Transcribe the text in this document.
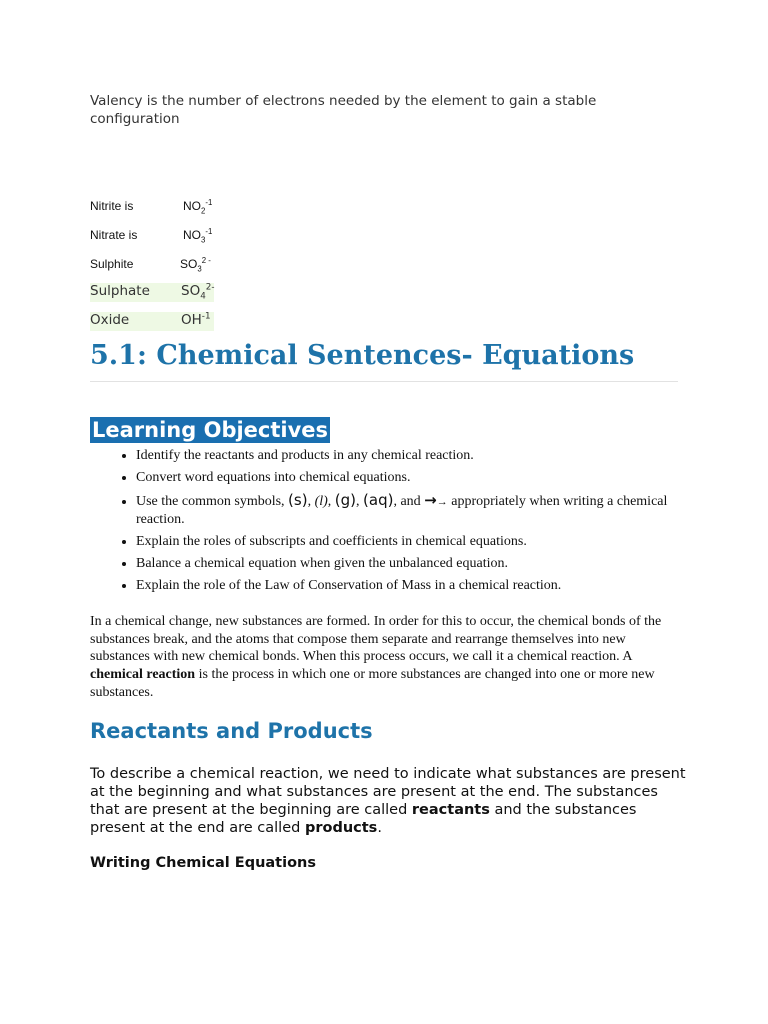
Valency is the number of electrons needed by the element to gain a stable configuration
Nitrite is	$NO_2^{-1}$
Nitrate is	$NO_3^{-1}$
Sulphite	$SO_3^{2 -}$
Sulphate $SO_4^{2-}$
Oxide	$OH^{-1}$
5.1: Chemical Sentences- Equations
Learning Objectives
• Identify the reactants and products in any chemical reaction.
• Convert word equations into chemical equations.
• Use the common symbols, (s), (l), (g), (aq), and →→ appropriately when writing a chemical reaction.
• Explain the roles of subscripts and coefficients in chemical equations.
• Balance a chemical equation when given the unbalanced equation.
• Explain the role of the Law of Conservation of Mass in a chemical reaction.

In a chemical change, new substances are formed. In order for this to occur, the chemical bonds of the substances break, and the atoms that compose them separate and rearrange themselves into new substances with new chemical bonds. When this process occurs, we call it a chemical reaction. A chemical reaction is the process in which one or more substances are changed into one or more new substances.

Reactants and Products

To describe a chemical reaction, we need to indicate what substances are present at the beginning and what substances are present at the end. The substances that are present at the beginning are called reactants and the substances present at the end are called products.

Writing Chemical Equations
